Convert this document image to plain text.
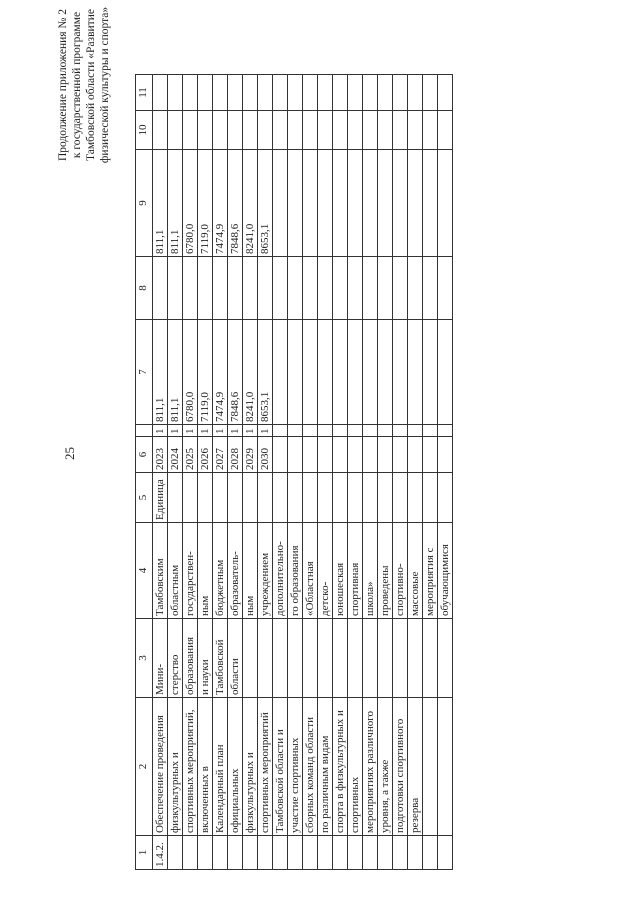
25
Продолжение приложения № 2 к государственной программе Тамбовской области «Развитие физической культуры и спорта»
1	2	3	4	5	6		7	8	9	10	11
1.4.2.	Обеспечение проведения	Мини-	Тамбовским	Единица	2023	1	811,1		811,1		
	физкультурных и	стерство	областным		2024	1	811,1		811,1		
	спортивных мероприятий,	образования	государствен-		2025	1	6780,0		6780,0		
	включенных в	и науки	ным		2026	1	7119,0		7119,0		
	Календарный план	Тамбовской	бюджетным		2027	1	7474,9		7474,9		
	официальных	области	образователь-		2028	1	7848,6		7848,6		
	физкультурных и		ным		2029	1	8241,0		8241,0		
	спортивных мероприятий		учреждением		2030	1	8653,1		8653,1		
	Тамбовской области и		дополнительно-								
	участие спортивных		го образования								
	сборных команд области		«Областная								
	по различным видам		детско-								
	спорта в физкультурных и		юношеская								
	спортивных		спортивная								
	мероприятиях различного		школа»								
	уровня, а также		проведены								
	подготовки спортивного		спортивно-								
	резерва		массовые								
			мероприятия с								
			обучающимися								
